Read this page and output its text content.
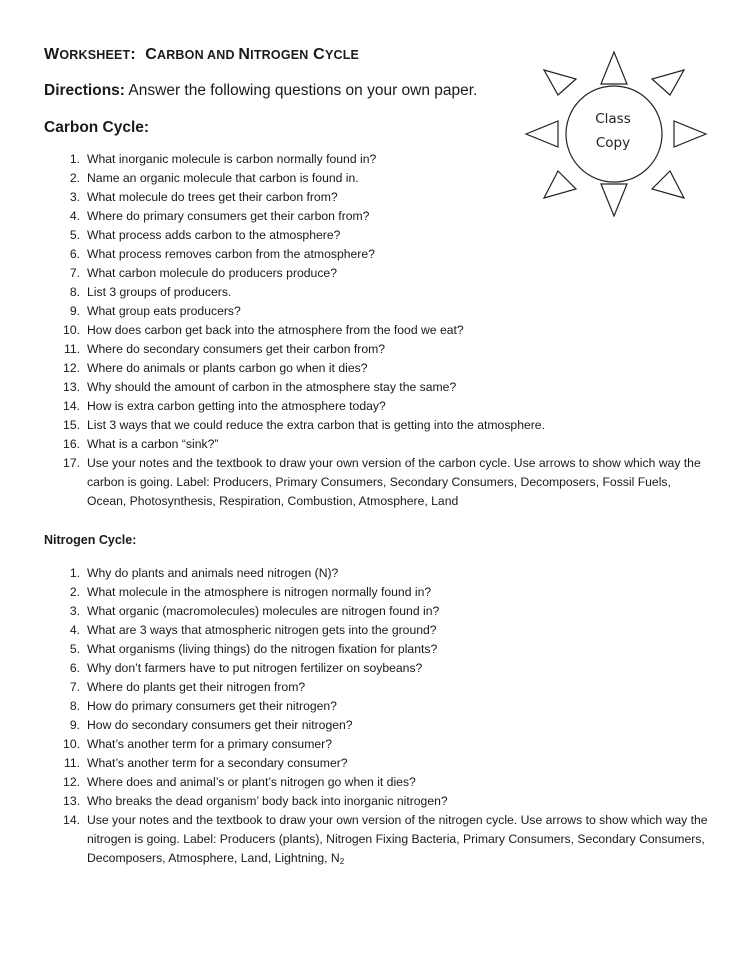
WORKSHEET:  CARBON AND NITROGEN CYCLE
Directions: Answer the following questions on your own paper.
Carbon Cycle:	Class
Copy
1. What inorganic molecule is carbon normally found in?
2. Name an organic molecule that carbon is found in.
3. What molecule do trees get their carbon from?
4. Where do primary consumers get their carbon from?
5. What process adds carbon to the atmosphere?
6. What process removes carbon from the atmosphere?
7. What carbon molecule do producers produce?
8. List 3 groups of producers.
9. What group eats producers?
10. How does carbon get back into the atmosphere from the food we eat?
11. Where do secondary consumers get their carbon from?
12. Where do animals or plants carbon go when it dies?
13. Why should the amount of carbon in the atmosphere stay the same?
14. How is extra carbon getting into the atmosphere today?
15. List 3 ways that we could reduce the extra carbon that is getting into the atmosphere.
16. What is a carbon “sink?”
17. Use your notes and the textbook to draw your own version of the carbon cycle. Use arrows to show which way the carbon is going. Label: Producers, Primary Consumers, Secondary Consumers, Decomposers, Fossil Fuels, Ocean, Photosynthesis, Respiration, Combustion, Atmosphere, Land
Nitrogen Cycle:
1. Why do plants and animals need nitrogen (N)?
2. What molecule in the atmosphere is nitrogen normally found in?
3. What organic (macromolecules) molecules are nitrogen found in?
4. What are 3 ways that atmospheric nitrogen gets into the ground?
5. What organisms (living things) do the nitrogen fixation for plants?
6. Why don’t farmers have to put nitrogen fertilizer on soybeans?
7. Where do plants get their nitrogen from?
8. How do primary consumers get their nitrogen?
9. How do secondary consumers get their nitrogen?
10. What’s another term for a primary consumer?
11. What’s another term for a secondary consumer?
12. Where does and animal’s or plant’s nitrogen go when it dies?
13. Who breaks the dead organism’ body back into inorganic nitrogen?
14. Use your notes and the textbook to draw your own version of the nitrogen cycle. Use arrows to show which way the nitrogen is going. Label: Producers (plants), Nitrogen Fixing Bacteria, Primary Consumers, Secondary Consumers, Decomposers, Atmosphere, Land, Lightning, $N_2$
